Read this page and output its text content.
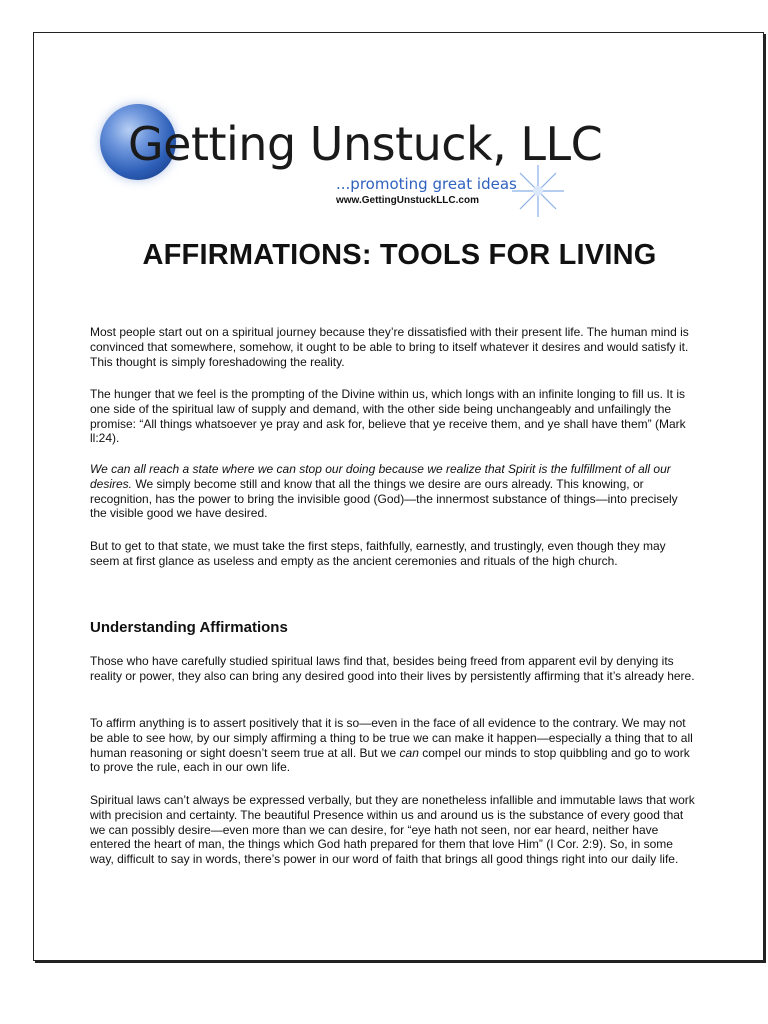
Getting Unstuck, LLC
...promoting great ideas
www.GettingUnstuckLLC.com
AFFIRMATIONS: TOOLS FOR LIVING

Most people start out on a spiritual journey because they’re dissatisfied with their present life. The human mind is convinced that somewhere, somehow, it ought to be able to bring to itself whatever it desires and would satisfy it. This thought is simply foreshadowing the reality.

The hunger that we feel is the prompting of the Divine within us, which longs with an infinite longing to fill us. It is one side of the spiritual law of supply and demand, with the other side being unchangeably and unfailingly the promise: “All things whatsoever ye pray and ask for, believe that ye receive them, and ye shall have them” (Mark ll:24).

We can all reach a state where we can stop our doing because we realize that Spirit is the fulfillment of all our desires. We simply become still and know that all the things we desire are ours already. This knowing, or recognition, has the power to bring the invisible good (God)—the innermost substance of things—into precisely the visible good we have desired.

But to get to that state, we must take the first steps, faithfully, earnestly, and trustingly, even though they may seem at first glance as useless and empty as the ancient ceremonies and rituals of the high church.

Understanding Affirmations

Those who have carefully studied spiritual laws find that, besides being freed from apparent evil by denying its reality or power, they also can bring any desired good into their lives by persistently affirming that it’s already here.

To affirm anything is to assert positively that it is so—even in the face of all evidence to the contrary. We may not be able to see how, by our simply affirming a thing to be true we can make it happen—especially a thing that to all human reasoning or sight doesn’t seem true at all. But we can compel our minds to stop quibbling and go to work to prove the rule, each in our own life.

Spiritual laws can’t always be expressed verbally, but they are nonetheless infallible and immutable laws that work with precision and certainty. The beautiful Presence within us and around us is the substance of every good that we can possibly desire—even more than we can desire, for “eye hath not seen, nor ear heard, neither have entered the heart of man, the things which God hath prepared for them that love Him” (I Cor. 2:9). So, in some way, difficult to say in words, there’s power in our word of faith that brings all good things right into our daily life.
